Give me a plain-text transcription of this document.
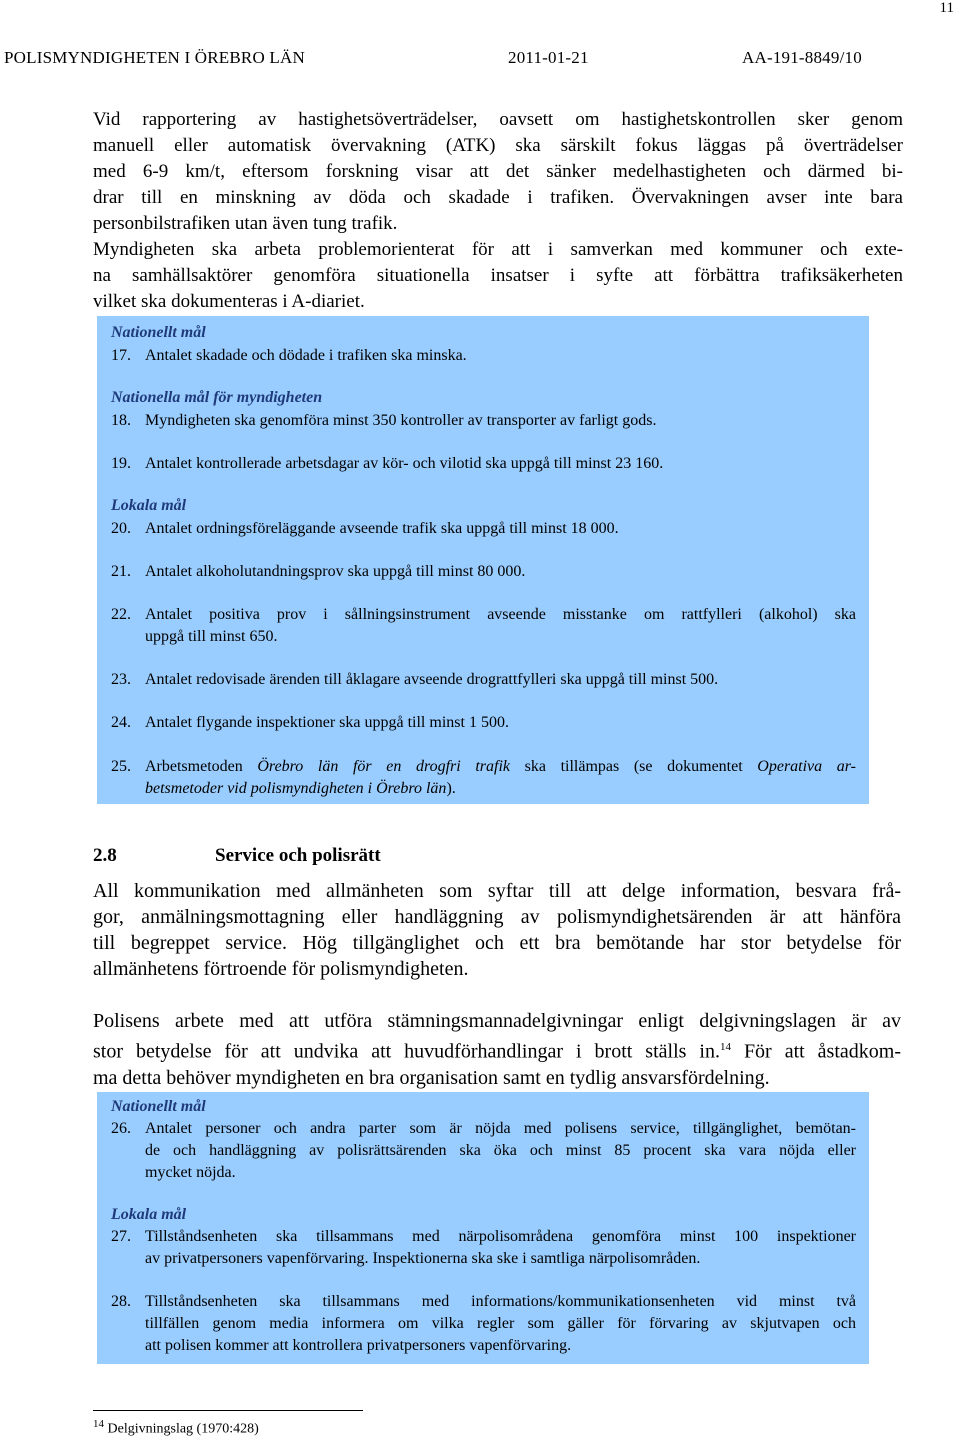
11
POLISMYNDIGHETEN I ÖREBRO LÄN	2011-01-21	AA-191-8849/10
Vid rapportering av hastighetsöverträdelser, oavsett om hastighetskontrollen sker genom
manuell eller automatisk övervakning (ATK) ska särskilt fokus läggas på överträdelser
med 6-9 km/t, eftersom forskning visar att det sänker medelhastigheten och därmed bi-
drar till en minskning av döda och skadade i trafiken. Övervakningen avser inte bara
personbilstrafiken utan även tung trafik.
Myndigheten ska arbeta problemorienterat för att i samverkan med kommuner och exte-
na samhällsaktörer genomföra situationella insatser i syfte att förbättra trafiksäkerheten
vilket ska dokumenteras i A-diariet.
Nationellt mål
17. Antalet skadade och dödade i trafiken ska minska.
Nationella mål för myndigheten
18. Myndigheten ska genomföra minst 350 kontroller av transporter av farligt gods.
19. Antalet kontrollerade arbetsdagar av kör- och vilotid ska uppgå till minst 23 160.
Lokala mål
20. Antalet ordningsföreläggande avseende trafik ska uppgå till minst 18 000.
21. Antalet alkoholutandningsprov ska uppgå till minst 80 000.
22. Antalet positiva prov i sållningsinstrument avseende misstanke om rattfylleri (alkohol) ska
uppgå till minst 650.
23. Antalet redovisade ärenden till åklagare avseende drograttfylleri ska uppgå till minst 500.
24. Antalet flygande inspektioner ska uppgå till minst 1 500.
25. Arbetsmetoden Örebro län för en drogfri trafik ska tillämpas (se dokumentet Operativa ar-
betsmetoder vid polismyndigheten i Örebro län).
2.8	Service och polisrätt
All kommunikation med allmänheten som syftar till att delge information, besvara frå-
gor, anmälningsmottagning eller handläggning av polismyndighetsärenden är att hänföra
till begreppet service. Hög tillgänglighet och ett bra bemötande har stor betydelse för
allmänhetens förtroende för polismyndigheten.
Polisens arbete med att utföra stämningsmannadelgivningar enligt delgivningslagen är av
stor betydelse för att undvika att huvudförhandlingar i brott ställs in.$^{14}$ För att åstadkom-
ma detta behöver myndigheten en bra organisation samt en tydlig ansvarsfördelning.
Nationellt mål
26. Antalet personer och andra parter som är nöjda med polisens service, tillgänglighet, bemötan-
de och handläggning av polisrättsärenden ska öka och minst 85 procent ska vara nöjda eller
mycket nöjda.
Lokala mål
27. Tillståndsenheten ska tillsammans med närpolisområdena genomföra minst 100 inspektioner
av privatpersoners vapenförvaring. Inspektionerna ska ske i samtliga närpolisområden.
28. Tillståndsenheten ska tillsammans med informations/kommunikationsenheten vid minst två
tillfällen genom media informera om vilka regler som gäller för förvaring av skjutvapen och
att polisen kommer att kontrollera privatpersoners vapenförvaring.
$^{14}$ Delgivningslag (1970:428)
